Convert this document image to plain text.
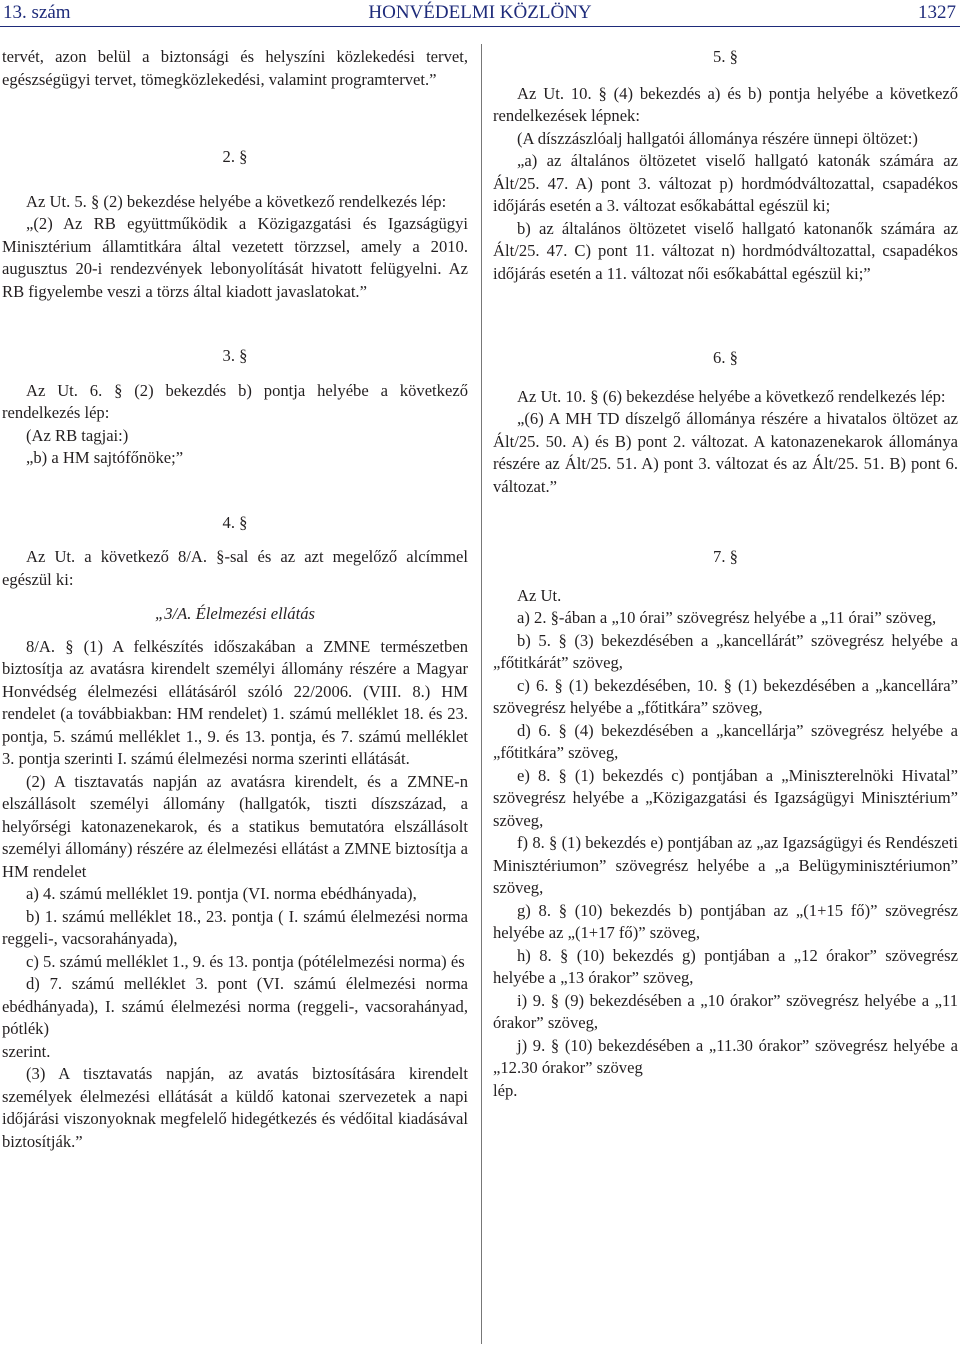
13. szám	HONVÉDELMI KÖZLÖNY	1327

tervét, azon belül a biztonsági és helyszíni közlekedési tervet, egészségügyi tervet, tömegközlekedési, valamint programtervet.”

2. §

Az Ut. 5. § (2) bekezdése helyébe a következő rendelkezés lép:

„(2) Az RB együttműködik a Közigazgatási és Igazságügyi Minisztérium államtitkára által vezetett törzzsel, amely a 2010. augusztus 20-i rendezvények lebonyolítását hivatott felügyelni. Az RB figyelembe veszi a törzs által kiadott javaslatokat.”

3. §

Az Ut. 6. § (2) bekezdés b) pontja helyébe a következő rendelkezés lép:

(Az RB tagjai:)

„b) a HM sajtófőnöke;”

4. §

Az Ut. a következő 8/A. §-sal és az azt megelőző alcímmel egészül ki:

„3/A. Élelmezési ellátás

8/A. § (1) A felkészítés időszakában a ZMNE természetben biztosítja az avatásra kirendelt személyi állomány részére a Magyar Honvédség élelmezési ellátásáról szóló 22/2006. (VIII. 8.) HM rendelet (a továbbiakban: HM rendelet) 1. számú melléklet 18. és 23. pontja, 5. számú melléklet 1., 9. és 13. pontja, és 7. számú melléklet 3. pontja szerinti I. számú élelmezési norma szerinti ellátását.

(2) A tisztavatás napján az avatásra kirendelt, és a ZMNE-n elszállásolt személyi állomány (hallgatók, tiszti díszszázad, a helyőrségi katonazenekarok, és a statikus bemutatóra elszállásolt személyi állomány) részére az élelmezési ellátást a ZMNE biztosítja a HM rendelet

a) 4. számú melléklet 19. pontja (VI. norma ebédhányada),

b) 1. számú melléklet 18., 23. pontja ( I. számú élelmezési norma reggeli-, vacsorahányada),

c) 5. számú melléklet 1., 9. és 13. pontja (pótélelmezési norma) és

d) 7. számú melléklet 3. pont (VI. számú élelmezési norma ebédhányada), I. számú élelmezési norma (reggeli-, vacsorahányad, pótlék)

szerint.

(3) A tisztavatás napján, az avatás biztosítására kirendelt személyek élelmezési ellátását a küldő katonai szervezetek a napi időjárási viszonyoknak megfelelő hidegétkezés és védőital kiadásával biztosítják.”

5. §

Az Ut. 10. § (4) bekezdés a) és b) pontja helyébe a következő rendelkezések lépnek:

(A díszzászlóalj hallgatói állománya részére ünnepi öltözet:)

„a) az általános öltözetet viselő hallgató katonák számára az Ált/25. 47. A) pont 3. változat p) hordmódváltozattal, csapadékos időjárás esetén a 3. változat esőkabáttal egészül ki;

b) az általános öltözetet viselő hallgató katonanők számára az Ált/25. 47. C) pont 11. változat n) hordmódváltozattal, csapadékos időjárás esetén a 11. változat női esőkabáttal egészül ki;”

6. §

Az Ut. 10. § (6) bekezdése helyébe a következő rendelkezés lép:

„(6) A MH TD díszelgő állománya részére a hivatalos öltözet az Ált/25. 50. A) és B) pont 2. változat. A katonazenekarok állománya részére az Ált/25. 51. A) pont 3. változat és az Ált/25. 51. B) pont 6. változat.”

7. §

Az Ut.

a) 2. §-ában a „10 órai” szövegrész helyébe a „11 órai” szöveg,

b) 5. § (3) bekezdésében a „kancellárát” szövegrész helyébe a „főtitkárát” szöveg,

c) 6. § (1) bekezdésében, 10. § (1) bekezdésében a „kancellára” szövegrész helyébe a „főtitkára” szöveg,

d) 6. § (4) bekezdésében a „kancellárja” szövegrész helyébe a „főtitkára” szöveg,

e) 8. § (1) bekezdés c) pontjában a „Miniszterelnöki Hivatal” szövegrész helyébe a „Közigazgatási és Igazságügyi Minisztérium” szöveg,

f) 8. § (1) bekezdés e) pontjában az „az Igazságügyi és Rendészeti Minisztériumon” szövegrész helyébe a „a Belügyminisztériumon” szöveg,

g) 8. § (10) bekezdés b) pontjában az „(1+15 fő)” szövegrész helyébe az „(1+17 fő)” szöveg,

h) 8. § (10) bekezdés g) pontjában a „12 órakor” szövegrész helyébe a „13 órakor” szöveg,

i) 9. § (9) bekezdésében a „10 órakor” szövegrész helyébe a „11 órakor” szöveg,

j) 9. § (10) bekezdésében a „11.30 órakor” szövegrész helyébe a „12.30 órakor” szöveg

lép.
